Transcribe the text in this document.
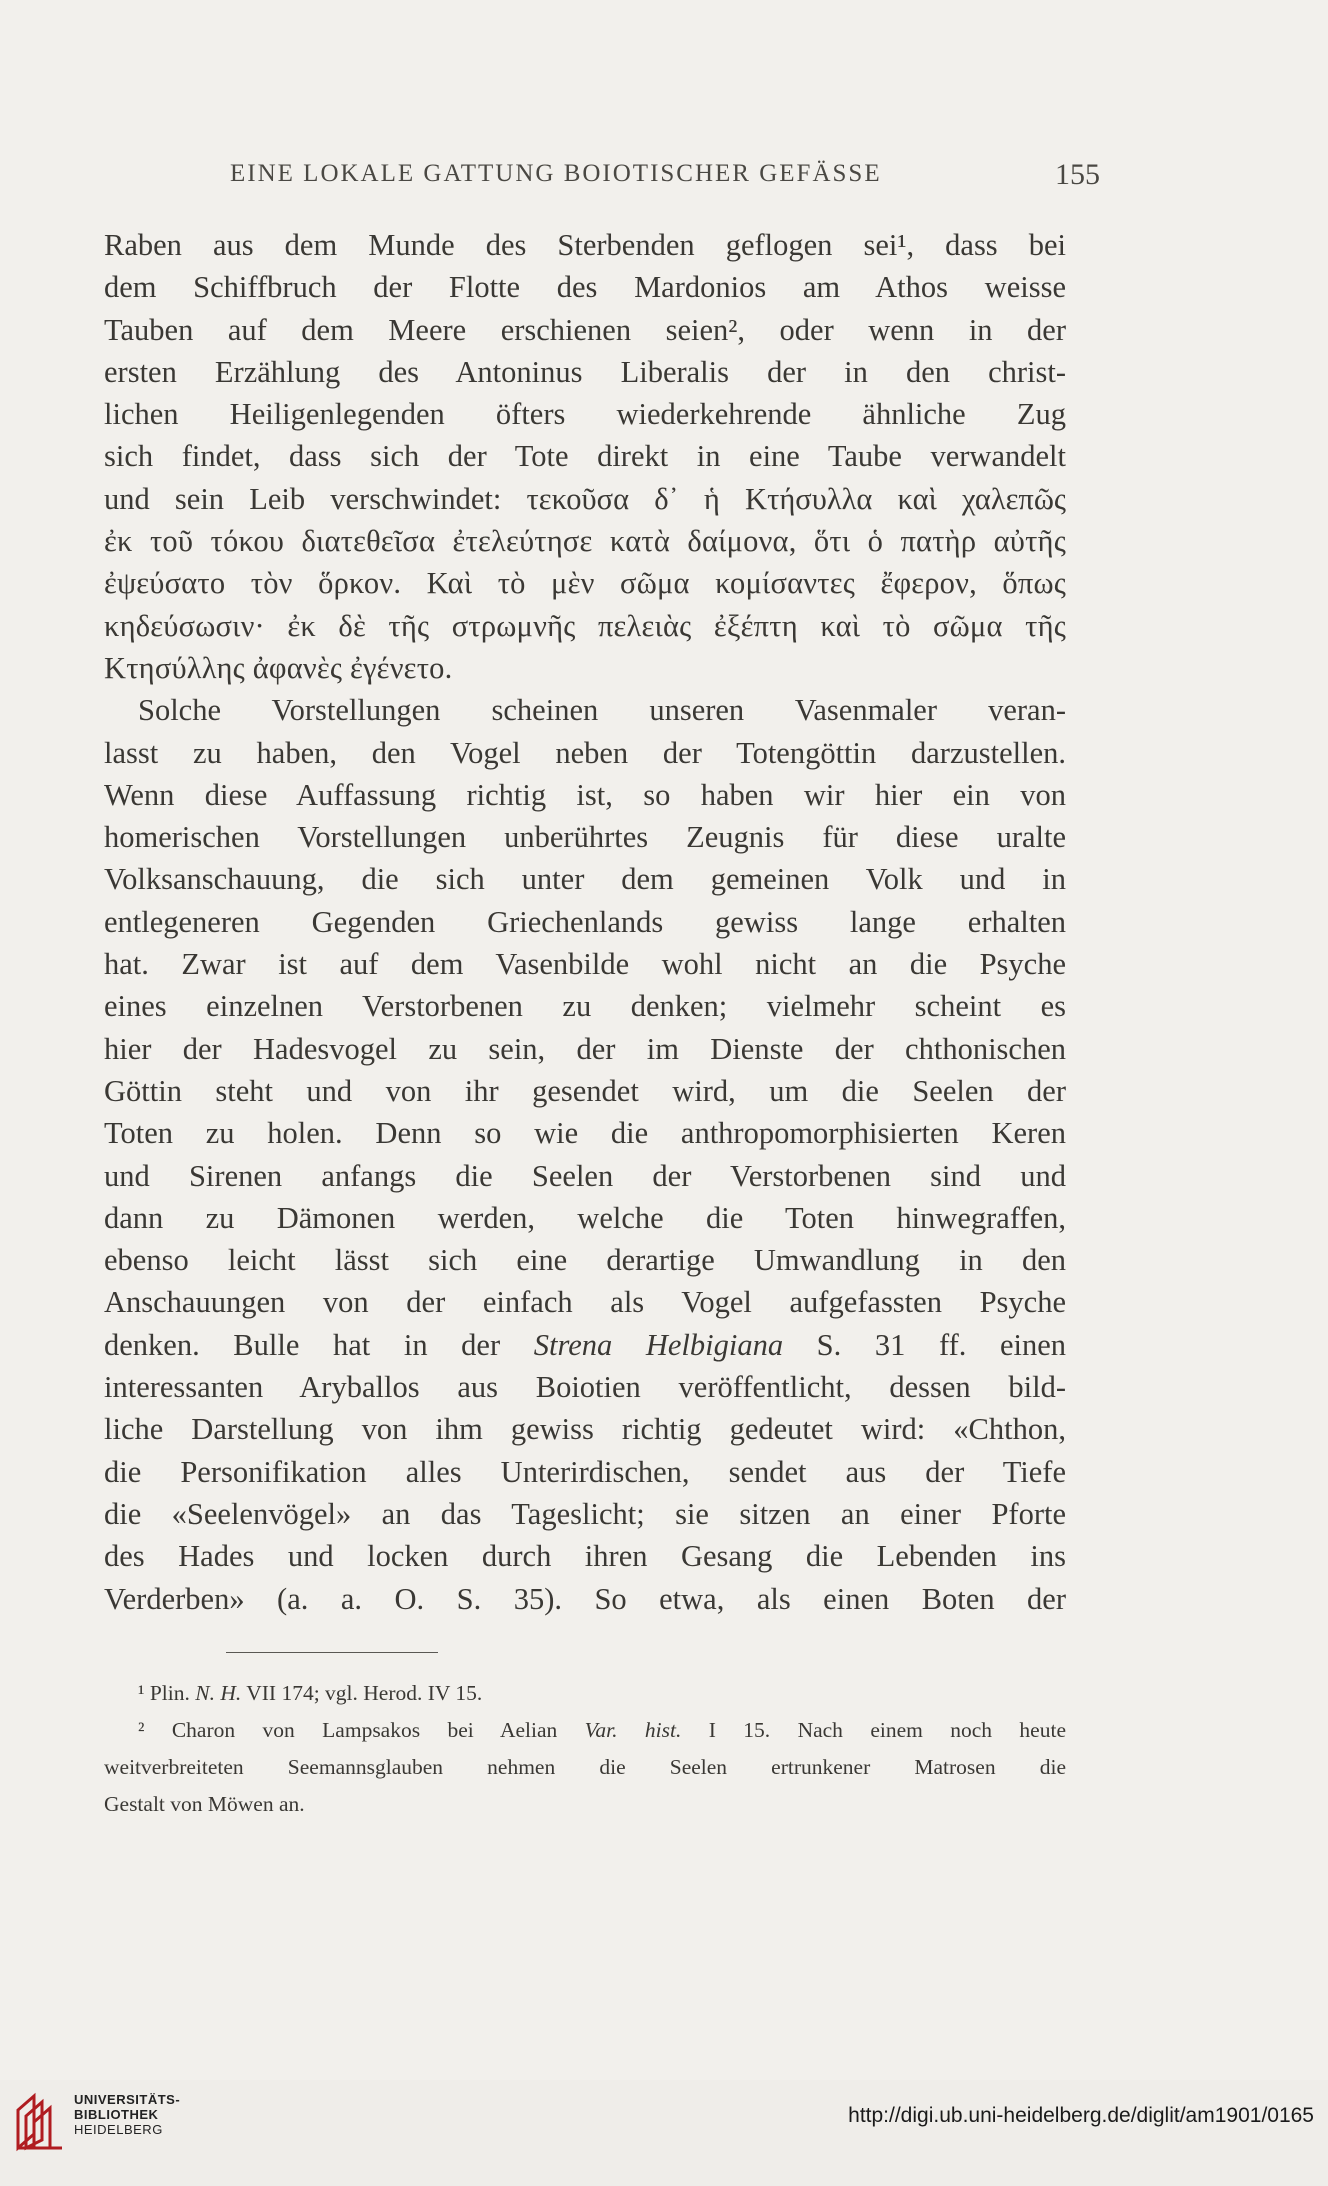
EINE LOKALE GATTUNG BOIOTISCHER GEFÄSSE	155
Raben aus dem Munde des Sterbenden geflogen sei¹, dass bei
dem Schiffbruch der Flotte des Mardonios am Athos weisse
Tauben auf dem Meere erschienen seien², oder wenn in der
ersten Erzählung des Antoninus Liberalis der in den christ-
lichen Heiligenlegenden öfters wiederkehrende ähnliche Zug
sich findet, dass sich der Tote direkt in eine Taube verwandelt
und sein Leib verschwindet: τεκοῦσα δ᾽ ἡ Κτήσυλλα καὶ χαλεπῶς
ἐκ τοῦ τόκου διατεθεῖσα ἐτελεύτησε κατὰ δαίμονα, ὅτι ὁ πατὴρ αὐτῆς
ἐψεύσατο τὸν ὅρκον. Καὶ τὸ μὲν σῶμα κομίσαντες ἔφερον, ὅπως
κηδεύσωσιν· ἐκ δὲ τῆς στρωμνῆς πελειὰς ἐξέπτη καὶ τὸ σῶμα τῆς
Κτησύλλης ἀφανὲς ἐγένετο.
Solche Vorstellungen scheinen unseren Vasenmaler veran-
lasst zu haben, den Vogel neben der Totengöttin darzustellen.
Wenn diese Auffassung richtig ist, so haben wir hier ein von
homerischen Vorstellungen unberührtes Zeugnis für diese uralte
Volksanschauung, die sich unter dem gemeinen Volk und in
entlegeneren Gegenden Griechenlands gewiss lange erhalten
hat. Zwar ist auf dem Vasenbilde wohl nicht an die Psyche
eines einzelnen Verstorbenen zu denken; vielmehr scheint es
hier der Hadesvogel zu sein, der im Dienste der chthonischen
Göttin steht und von ihr gesendet wird, um die Seelen der
Toten zu holen. Denn so wie die anthropomorphisierten Keren
und Sirenen anfangs die Seelen der Verstorbenen sind und
dann zu Dämonen werden, welche die Toten hinwegraffen,
ebenso leicht lässt sich eine derartige Umwandlung in den
Anschauungen von der einfach als Vogel aufgefassten Psyche
denken. Bulle hat in der Strena Helbigiana S. 31 ff. einen
interessanten Aryballos aus Boiotien veröffentlicht, dessen bild-
liche Darstellung von ihm gewiss richtig gedeutet wird: «Chthon,
die Personifikation alles Unterirdischen, sendet aus der Tiefe
die «Seelenvögel» an das Tageslicht; sie sitzen an einer Pforte
des Hades und locken durch ihren Gesang die Lebenden ins
Verderben» (a. a. O. S. 35). So etwa, als einen Boten der
¹ Plin. N. H. VII 174; vgl. Herod. IV 15.
² Charon von Lampsakos bei Aelian Var. hist. I 15. Nach einem noch heute
weitverbreiteten Seemannsglauben nehmen die Seelen ertrunkener Matrosen die
Gestalt von Möwen an.
UNIVERSITÄTS-
BIBLIOTHEK
HEIDELBERG
http://digi.ub.uni-heidelberg.de/diglit/am1901/0165
